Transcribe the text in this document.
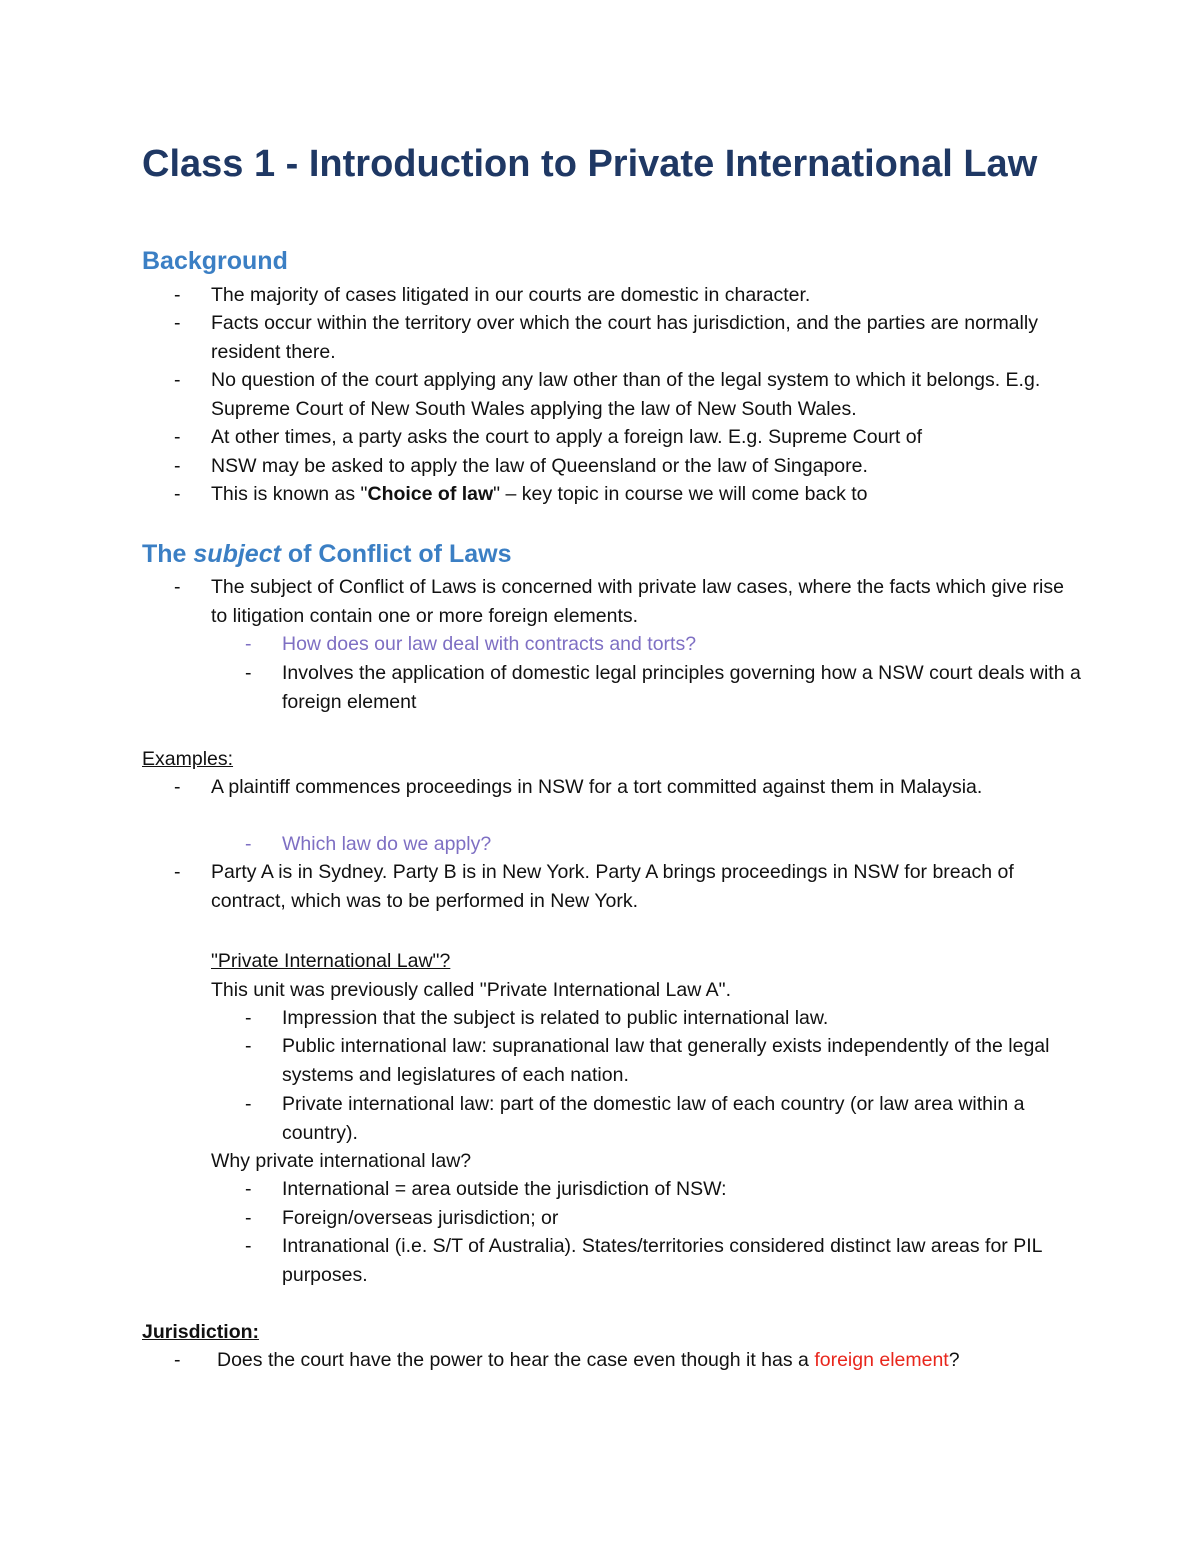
Class 1 - Introduction to Private International Law
Background
- The majority of cases litigated in our courts are domestic in character.
- Facts occur within the territory over which the court has jurisdiction, and the parties are normally resident there.
- No question of the court applying any law other than of the legal system to which it belongs. E.g. Supreme Court of New South Wales applying the law of New South Wales.
- At other times, a party asks the court to apply a foreign law. E.g. Supreme Court of
- NSW may be asked to apply the law of Queensland or the law of Singapore.
- This is known as "Choice of law" – key topic in course we will come back to
The subject of Conflict of Laws
- The subject of Conflict of Laws is concerned with private law cases, where the facts which give rise to litigation contain one or more foreign elements.
- How does our law deal with contracts and torts?
- Involves the application of domestic legal principles governing how a NSW court deals with a foreign element
Examples:
- A plaintiff commences proceedings in NSW for a tort committed against them in Malaysia.
- Which law do we apply?
- Party A is in Sydney. Party B is in New York. Party A brings proceedings in NSW for breach of contract, which was to be performed in New York.
"Private International Law"?
This unit was previously called "Private International Law A".
- Impression that the subject is related to public international law.
- Public international law: supranational law that generally exists independently of the legal systems and legislatures of each nation.
- Private international law: part of the domestic law of each country (or law area within a country).
Why private international law?
- International = area outside the jurisdiction of NSW:
- Foreign/overseas jurisdiction; or
- Intranational (i.e. S/T of Australia). States/territories considered distinct law areas for PIL purposes.
Jurisdiction:
- Does the court have the power to hear the case even though it has a foreign element?
